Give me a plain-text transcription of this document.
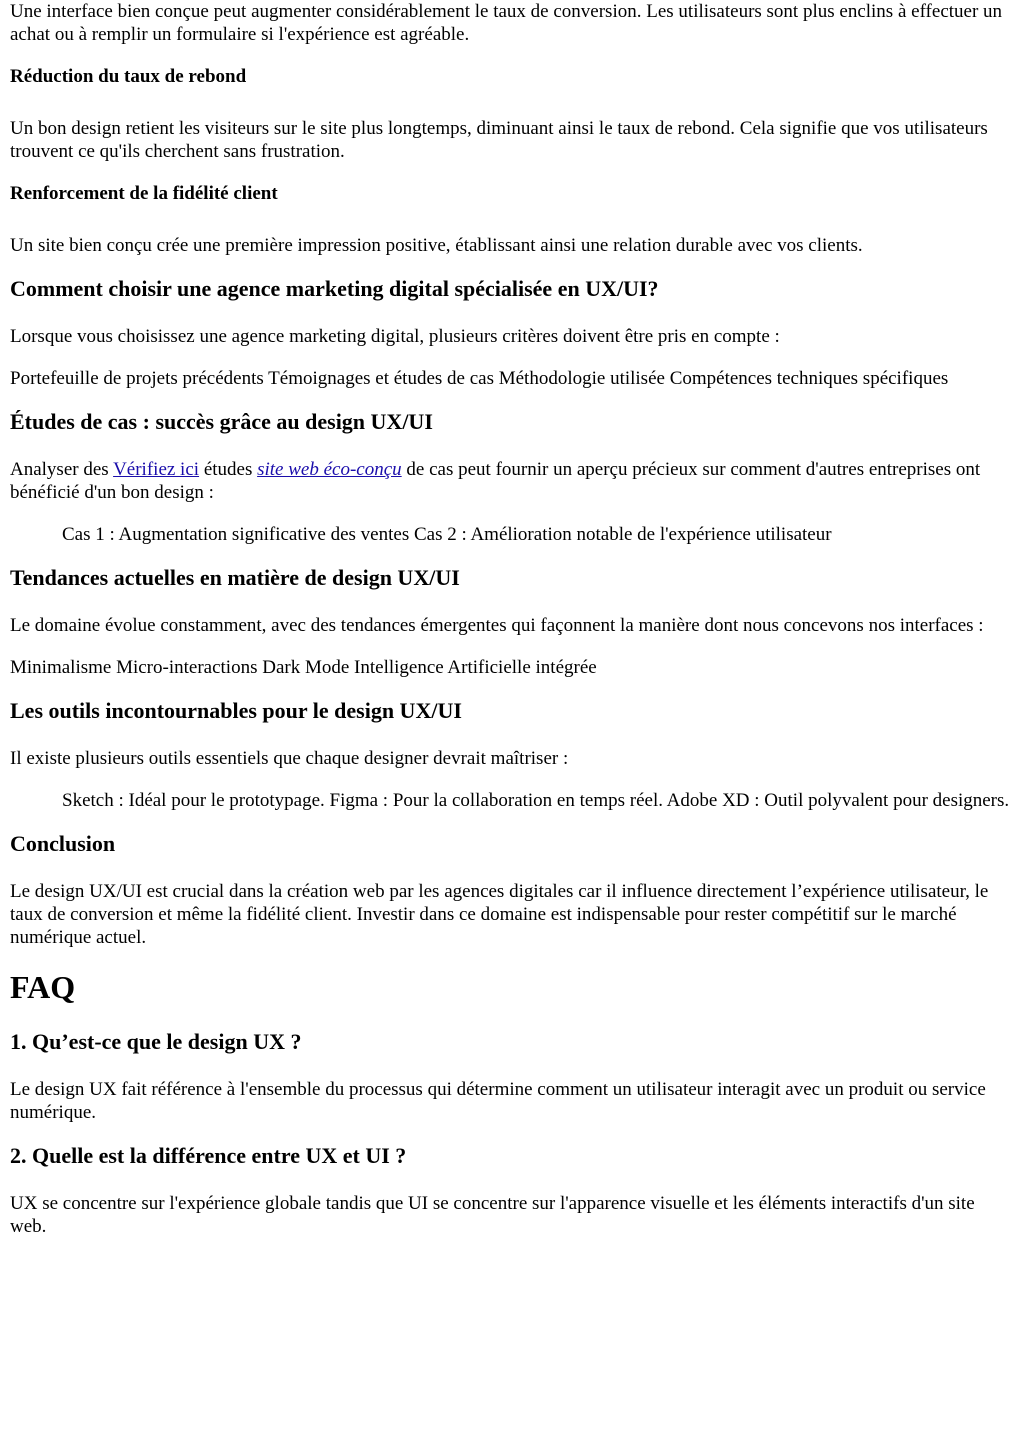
Une interface bien conçue peut augmenter considérablement le taux de conversion. Les utilisateurs sont plus enclins à effectuer un achat ou à remplir un formulaire si l'expérience est agréable.

Réduction du taux de rebond

Un bon design retient les visiteurs sur le site plus longtemps, diminuant ainsi le taux de rebond. Cela signifie que vos utilisateurs trouvent ce qu'ils cherchent sans frustration.

Renforcement de la fidélité client

Un site bien conçu crée une première impression positive, établissant ainsi une relation durable avec vos clients.

Comment choisir une agence marketing digital spécialisée en UX/UI?

Lorsque vous choisissez une agence marketing digital, plusieurs critères doivent être pris en compte :

Portefeuille de projets précédents Témoignages et études de cas Méthodologie utilisée Compétences techniques spécifiques

Études de cas : succès grâce au design UX/UI

Analyser des Vérifiez ici études site web éco-conçu de cas peut fournir un aperçu précieux sur comment d'autres entreprises ont bénéficié d'un bon design :

Cas 1 : Augmentation significative des ventes Cas 2 : Amélioration notable de l'expérience utilisateur

Tendances actuelles en matière de design UX/UI

Le domaine évolue constamment, avec des tendances émergentes qui façonnent la manière dont nous concevons nos interfaces :

Minimalisme Micro-interactions Dark Mode Intelligence Artificielle intégrée

Les outils incontournables pour le design UX/UI

Il existe plusieurs outils essentiels que chaque designer devrait maîtriser :

Sketch : Idéal pour le prototypage. Figma : Pour la collaboration en temps réel. Adobe XD : Outil polyvalent pour designers.

Conclusion

Le design UX/UI est crucial dans la création web par les agences digitales car il influence directement l’expérience utilisateur, le taux de conversion et même la fidélité client. Investir dans ce domaine est indispensable pour rester compétitif sur le marché numérique actuel.

FAQ
1. Qu’est-ce que le design UX ?

Le design UX fait référence à l'ensemble du processus qui détermine comment un utilisateur interagit avec un produit ou service numérique.

2. Quelle est la différence entre UX et UI ?

UX se concentre sur l'expérience globale tandis que UI se concentre sur l'apparence visuelle et les éléments interactifs d'un site web.
